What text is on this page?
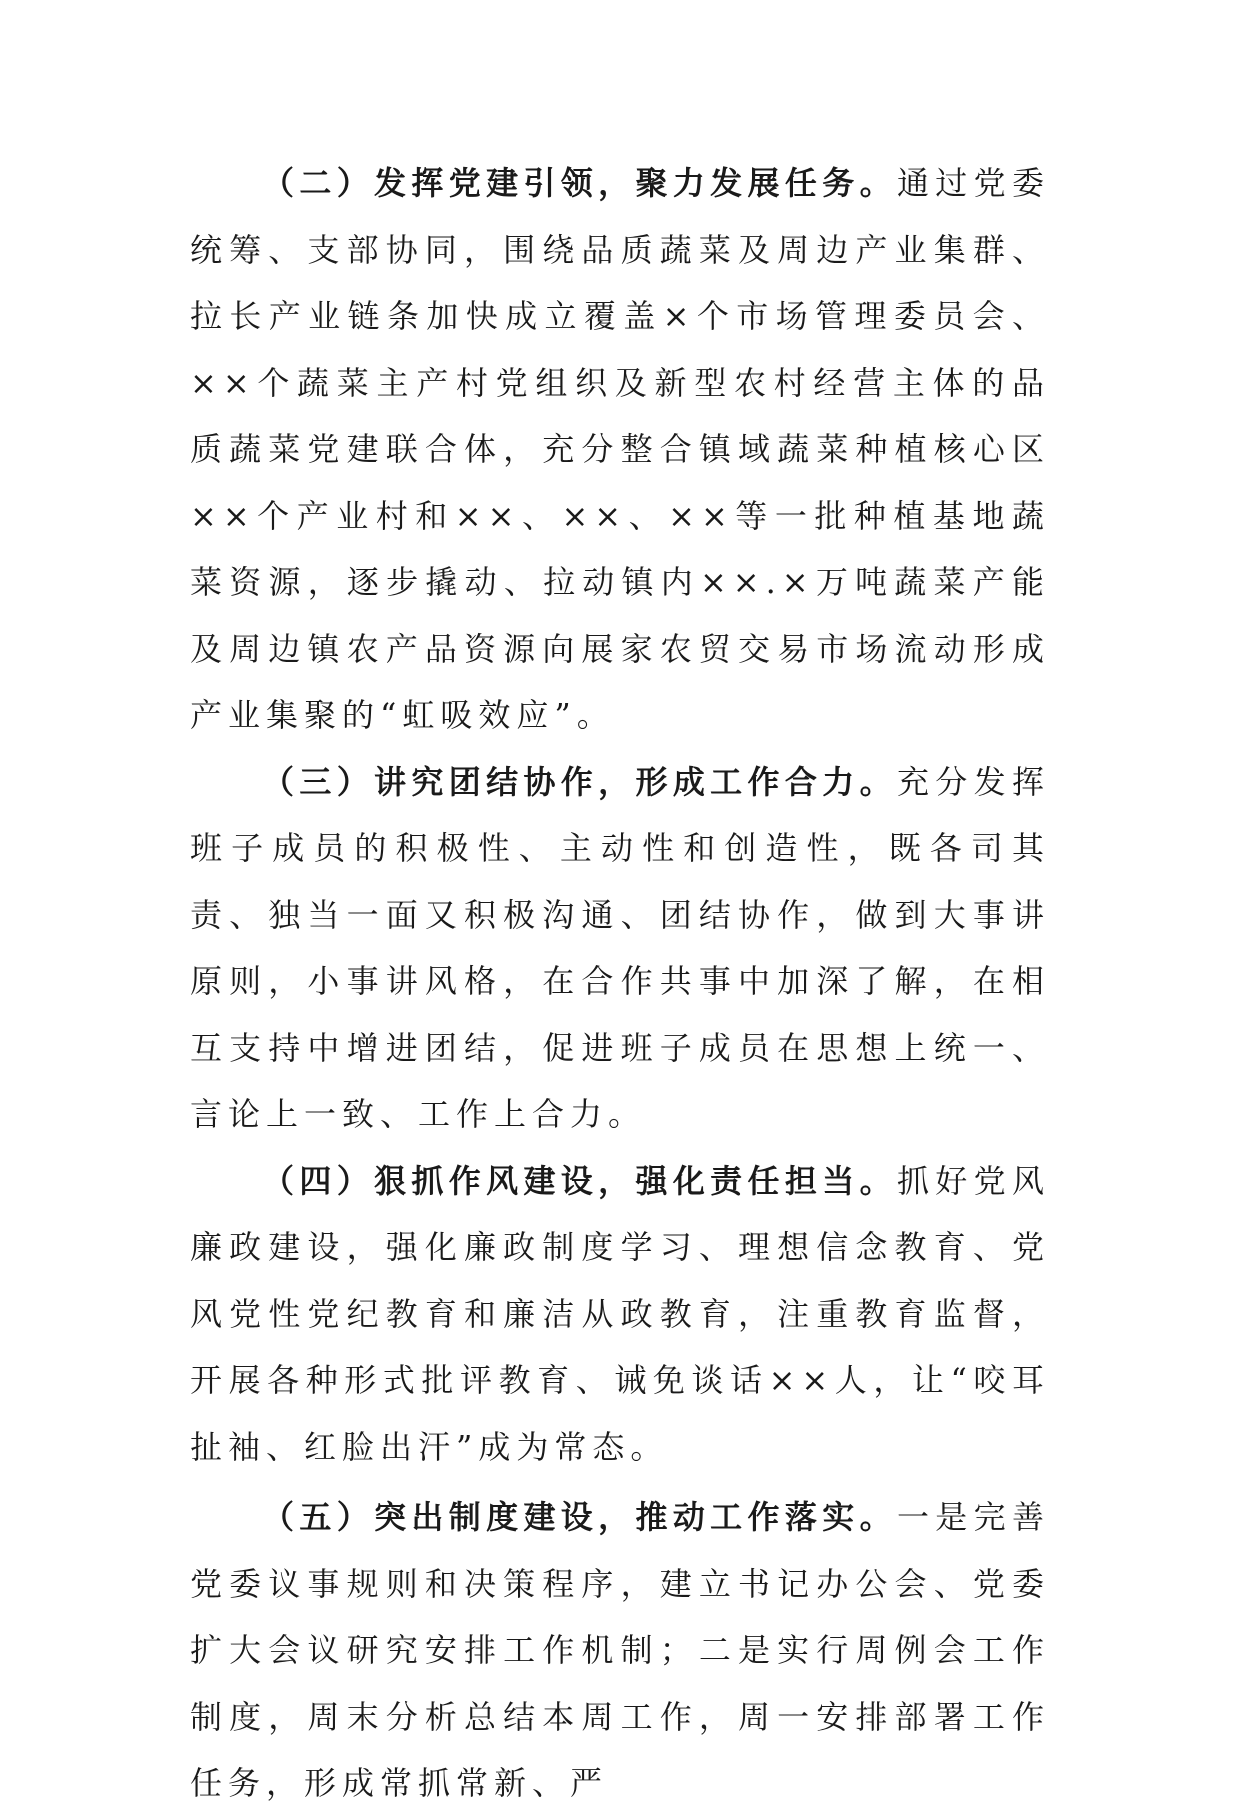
（二）发挥党建引领，聚力发展任务。通过党委统筹、支部协同，围绕品质蔬菜及周边产业集群、拉长产业链条加快成立覆盖×个市场管理委员会、××个蔬菜主产村党组织及新型农村经营主体的品质蔬菜党建联合体，充分整合镇域蔬菜种植核心区××个产业村和××、××、××等一批种植基地蔬菜资源，逐步撬动、拉动镇内××.×万吨蔬菜产能及周边镇农产品资源向展家农贸交易市场流动形成产业集聚的“虹吸效应”。

（三）讲究团结协作，形成工作合力。充分发挥班子成员的积极性、主动性和创造性，既各司其责、独当一面又积极沟通、团结协作，做到大事讲原则，小事讲风格，在合作共事中加深了解，在相互支持中增进团结，促进班子成员在思想上统一、言论上一致、工作上合力。

（四）狠抓作风建设，强化责任担当。抓好党风廉政建设，强化廉政制度学习、理想信念教育、党风党性党纪教育和廉洁从政教育，注重教育监督，开展各种形式批评教育、诫免谈话××人，让“咬耳扯袖、红脸出汗”成为常态。

（五）突出制度建设，推动工作落实。一是完善党委议事规则和决策程序，建立书记办公会、党委扩大会议研究安排工作机制；二是实行周例会工作制度，周末分析总结本周工作，周一安排部署工作任务，形成常抓常新、严
